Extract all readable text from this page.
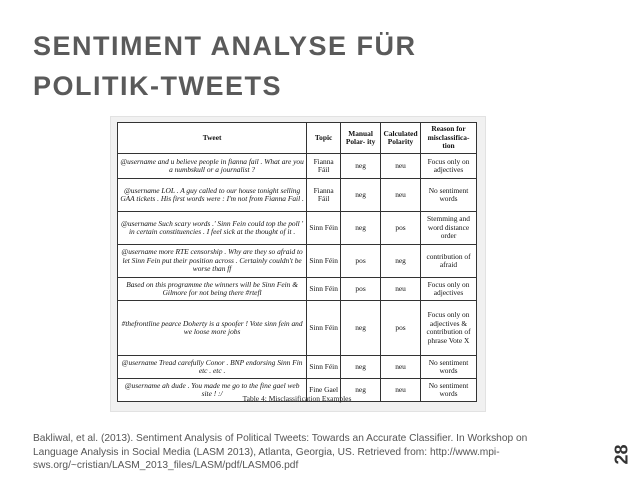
SENTIMENT ANALYSE FÜR
POLITIK-TWEETS
Tweet	Topic	Manual Polar- ity	Calculated Polarity	Reason for misclassifica- tion
@username and u believe people in fianna fail . What are you a numbskull or a journalist ?	Fianna Fáil	neg	neu	Focus only on adjectives
@username LOL . A guy called to our house tonight selling GAA tickets . His first words were : I'm not from Fianna Fail .	Fianna Fáil	neg	neu	No sentiment words
@username Such scary words .' Sinn Fein could top the poll ' in certain constituencies . I feel sick at the thought of it .	Sinn Féin	neg	pos	Stemming and word distance order
@username more RTE censorship . Why are they so afraid to let Sinn Fein put their position across . Certainly couldn't be worse than ff	Sinn Féin	pos	neg	contribution of afraid
Based on this programme the winners will be Sinn Fein & Gilmore for not being there #rtefl	Sinn Féin	pos	neu	Focus only on adjectives
#thefrontline pearce Doherty is a spoofer ! Vote sinn fein and we loose more jobs	Sinn Féin	neg	pos	Focus only on adjectives & contribution of phrase Vote X
@username Tread carefully Conor . BNP endorsing Sinn Fin etc . etc .	Sinn Féin	neg	neu	No sentiment words
@username ah dude . You made me go to the fine gael web site ! :/	Fine Gael	neg	neu	No sentiment words

Table 4: Misclassification Examples

Bakliwal, et al. (2013). Sentiment Analysis of Political Tweets: Towards an Accurate Classifier. In Workshop on Language Analysis in Social Media (LASM 2013), Atlanta, Georgia, US. Retrieved from: http://www.mpi-sws.org/~cristian/LASM_2013_files/LASM/pdf/LASM06.pdf

28
